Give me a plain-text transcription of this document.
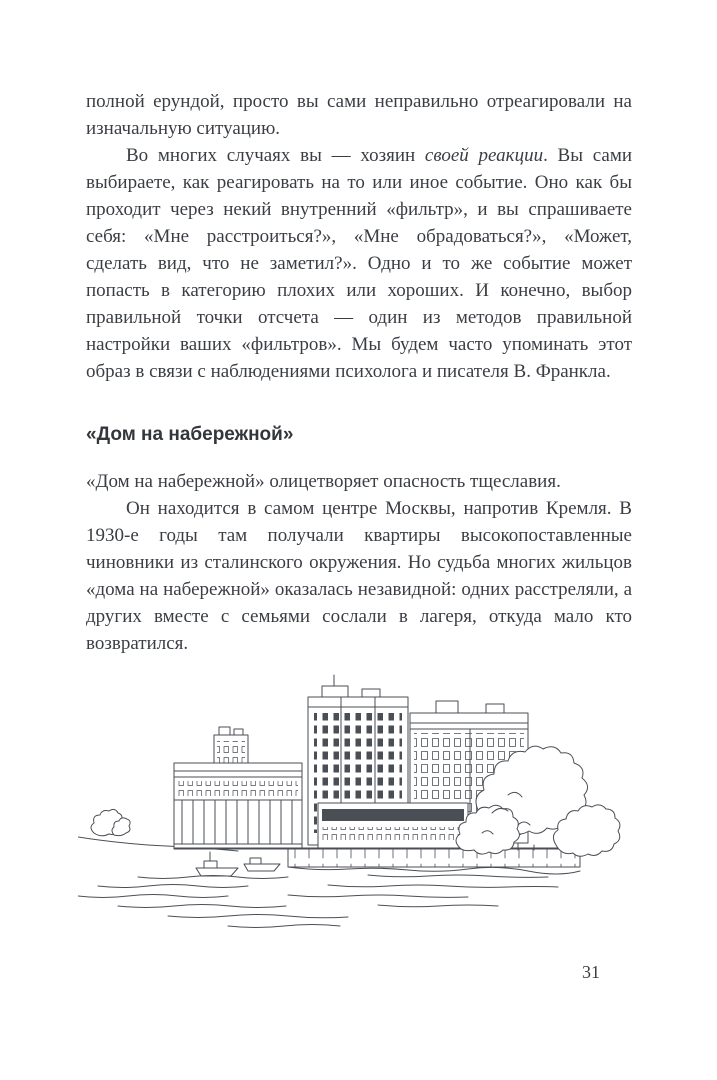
полной ерундой, просто вы сами неправильно отреагировали на изначальную ситуацию.

Во многих случаях вы — хозяин своей реакции. Вы сами выбираете, как реагировать на то или иное событие. Оно как бы проходит через некий внутренний «фильтр», и вы спрашиваете себя: «Мне расстроиться?», «Мне обрадоваться?», «Может, сделать вид, что не заметил?». Одно и то же событие может попасть в категорию плохих или хороших. И конечно, выбор правильной точки отсчета — один из методов правильной настройки ваших «фильтров». Мы будем часто упоминать этот образ в связи с наблюдениями психолога и писателя В. Франкла.

«Дом на набережной»

«Дом на набережной» олицетворяет опасность тщеславия.

Он находится в самом центре Москвы, напротив Кремля. В 1930-е годы там получали квартиры высокопоставленные чиновники из сталинского окружения. Но судьба многих жильцов «дома на набережной» оказалась незавидной: одних расстреляли, а других вместе с семьями сослали в лагеря, откуда мало кто возвратился.

31
